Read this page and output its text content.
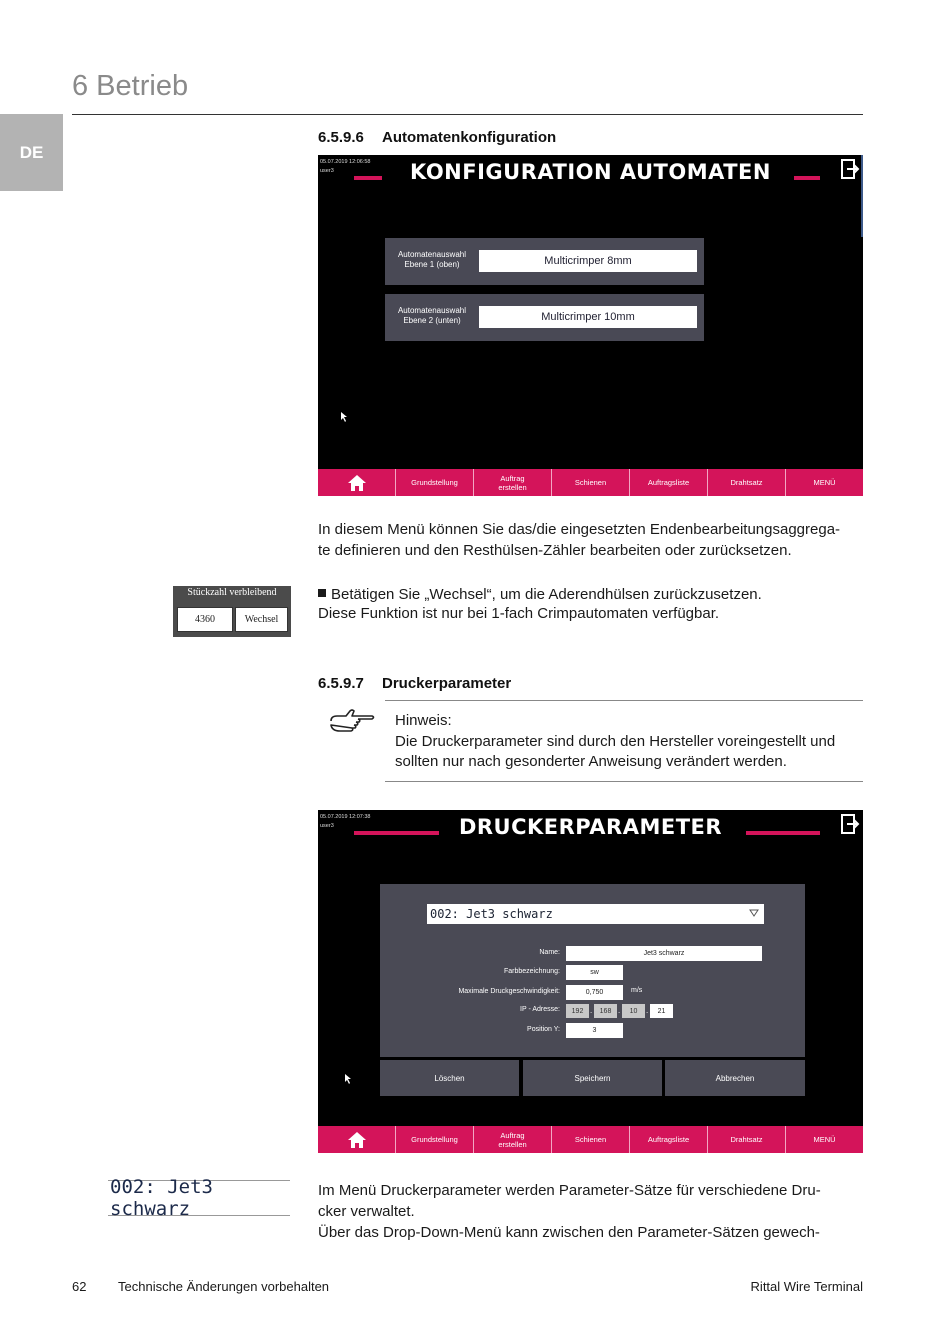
6 Betrieb
DE
6.5.9.6 Automatenkonfiguration
05.07.2019 12:06:58
user3	KONFIGURATION AUTOMATEN
Automatenauswahl
Ebene 1 (oben)	Multicrimper 8mm
Automatenauswahl
Ebene 2 (unten)	Multicrimper 10mm
Grundstellung	Auftrag
erstellen	Schienen	Auftragsliste	Drahtsatz	MENÜ
In diesem Menü können Sie das/die eingesetzten Endenbearbeitungsaggrega-
te definieren und den Resthülsen-Zähler bearbeiten oder zurücksetzen.
Stückzahl verbleibend
4360	Wechsel
Betätigen Sie „Wechsel“, um die Aderendhülsen zurückzusetzen.
Diese Funktion ist nur bei 1-fach Crimpautomaten verfügbar.
6.5.9.7 Druckerparameter
Hinweis:
Die Druckerparameter sind durch den Hersteller voreingestellt und
sollten nur nach gesonderter Anweisung verändert werden.
05.07.2019 12:07:38
user3	DRUCKERPARAMETER
002: Jet3 schwarz
Name:	Jet3 schwarz
Farbbezeichnung:	sw
Maximale Druckgeschwindigkeit:	0,750	m/s
IP - Adresse:	192 .	168 .	10	.	21
Position Y:	3
Löschen	Speichern	Abbrechen
Grundstellung	Auftrag
erstellen	Schienen	Auftragsliste	Drahtsatz	MENÜ
002: Jet3 schwarz
Im Menü Druckerparameter werden Parameter-Sätze für verschiedene Dru-
cker verwaltet.
Über das Drop-Down-Menü kann zwischen den Parameter-Sätzen gewech-
62 Technische Änderungen vorbehalten	Rittal Wire Terminal
